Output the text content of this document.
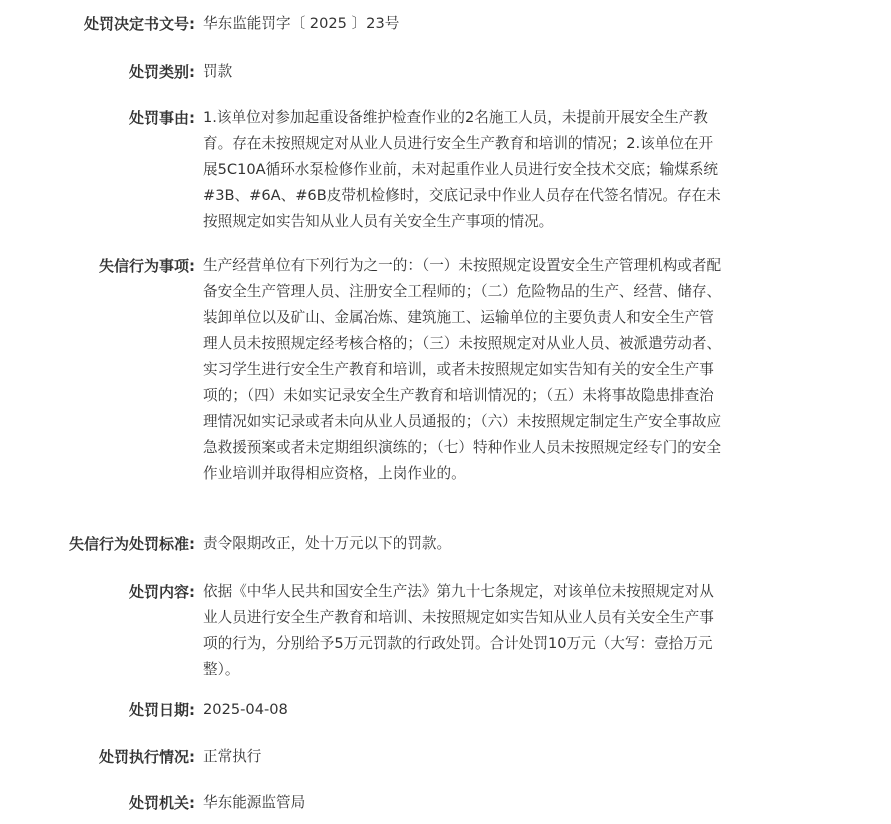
处罚决定书文号: 华东监能罚字〔 2025 〕23号
处罚类别: 罚款
处罚事由: 1.该单位对参加起重设备维护检查作业的2名施工人员，未提前开展安全生产教育。存在未按照规定对从业人员进行安全生产教育和培训的情况；2.该单位在开展5C10A循环水泵检修作业前，未对起重作业人员进行安全技术交底；输煤系统#3B、#6A、#6B皮带机检修时，交底记录中作业人员存在代签名情况。存在未按照规定如实告知从业人员有关安全生产事项的情况。
失信行为事项: 生产经营单位有下列行为之一的：（一）未按照规定设置安全生产管理机构或者配备安全生产管理人员、注册安全工程师的；（二）危险物品的生产、经营、储存、装卸单位以及矿山、金属冶炼、建筑施工、运输单位的主要负责人和安全生产管理人员未按照规定经考核合格的；（三）未按照规定对从业人员、被派遣劳动者、实习学生进行安全生产教育和培训，或者未按照规定如实告知有关的安全生产事项的；（四）未如实记录安全生产教育和培训情况的；（五）未将事故隐患排查治理情况如实记录或者未向从业人员通报的；（六）未按照规定制定生产安全事故应急救援预案或者未定期组织演练的；（七）特种作业人员未按照规定经专门的安全作业培训并取得相应资格，上岗作业的。
失信行为处罚标准: 责令限期改正，处十万元以下的罚款。
处罚内容: 依据《中华人民共和国安全生产法》第九十七条规定，对该单位未按照规定对从业人员进行安全生产教育和培训、未按照规定如实告知从业人员有关安全生产事项的行为，分别给予5万元罚款的行政处罚。合计处罚10万元（大写：壹拾万元整）。
处罚日期: 2025-04-08
处罚执行情况: 正常执行
处罚机关: 华东能源监管局
